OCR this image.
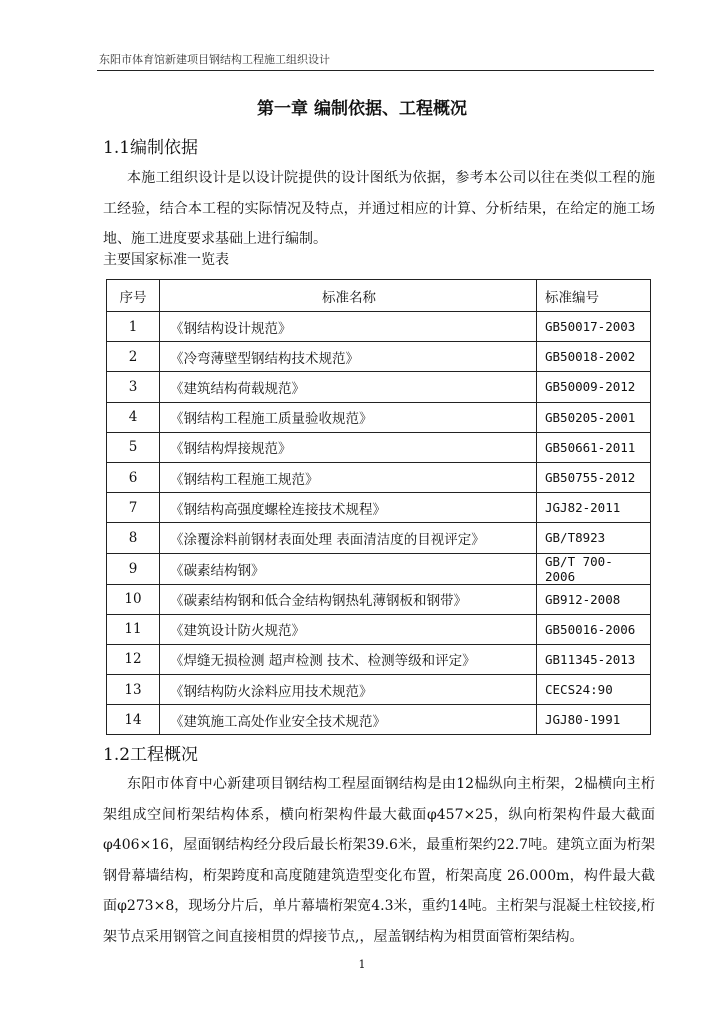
东阳市体育馆新建项目钢结构工程施工组织设计
第一章 编制依据、工程概况
1.1编制依据
本施工组织设计是以设计院提供的设计图纸为依据，参考本公司以往在类似工程的施工经验，结合本工程的实际情况及特点，并通过相应的计算、分析结果，在给定的施工场地、施工进度要求基础上进行编制。
主要国家标准一览表
序号	标准名称	标准编号
1	《钢结构设计规范》	GB50017-2003
2	《冷弯薄壁型钢结构技术规范》	GB50018-2002
3	《建筑结构荷载规范》	GB50009-2012
4	《钢结构工程施工质量验收规范》	GB50205-2001
5	《钢结构焊接规范》	GB50661-2011
6	《钢结构工程施工规范》	GB50755-2012
7	《钢结构高强度螺栓连接技术规程》	JGJ82-2011
8	《涂覆涂料前钢材表面处理 表面清洁度的目视评定》	GB/T8923
9	《碳素结构钢》	GB/T 700-2006
10	《碳素结构钢和低合金结构钢热轧薄钢板和钢带》	GB912-2008
11	《建筑设计防火规范》	GB50016-2006
12	《焊缝无损检测 超声检测 技术、检测等级和评定》	GB11345-2013
13	《钢结构防火涂料应用技术规范》	CECS24:90
14	《建筑施工高处作业安全技术规范》	JGJ80-1991
1.2工程概况
东阳市体育中心新建项目钢结构工程屋面钢结构是由12榀纵向主桁架，2榀横向主桁架组成空间桁架结构体系，横向桁架构件最大截面φ457×25，纵向桁架构件最大截面φ406×16，屋面钢结构经分段后最长桁架39.6米，最重桁架约22.7吨。建筑立面为桁架钢骨幕墙结构，桁架跨度和高度随建筑造型变化布置，桁架高度 26.000m，构件最大截面φ273×8，现场分片后，单片幕墙桁架宽4.3米，重约14吨。主桁架与混凝土柱铰接,桁架节点采用钢管之间直接相贯的焊接节点,，屋盖钢结构为相贯面管桁架结构。
1
